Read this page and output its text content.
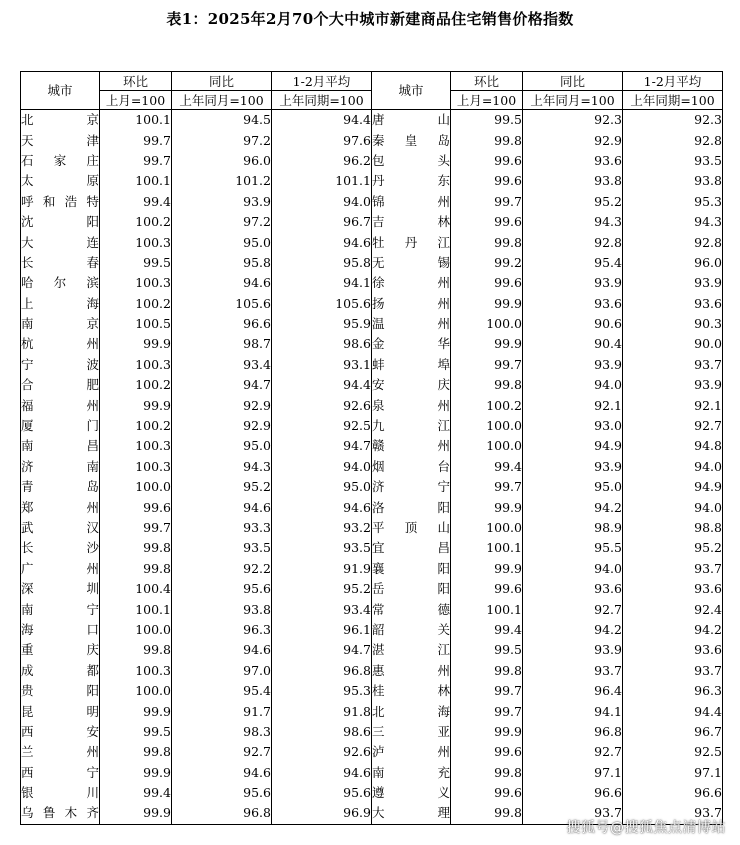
表1：2025年2月70个大中城市新建商品住宅销售价格指数
城市	环比	同比	1-2月平均	城市	环比	同比	1-2月平均
	上月=100	上年同月=100	上年同期=100		上月=100	上年同月=100	上年同期=100
北京	100.1	94.5	94.4	唐山	99.5	92.3	92.3
天津	99.7	97.2	97.6	秦皇岛	99.8	92.9	92.8
石家庄	99.7	96.0	96.2	包头	99.6	93.6	93.5
太原	100.1	101.2	101.1	丹东	99.6	93.8	93.8
呼和浩特	99.4	93.9	94.0	锦州	99.7	95.2	95.3
沈阳	100.2	97.2	96.7	吉林	99.6	94.3	94.3
大连	100.3	95.0	94.6	牡丹江	99.8	92.8	92.8
长春	99.5	95.8	95.8	无锡	99.2	95.4	96.0
哈尔滨	100.3	94.6	94.1	徐州	99.6	93.9	93.9
上海	100.2	105.6	105.6	扬州	99.9	93.6	93.6
南京	100.5	96.6	95.9	温州	100.0	90.6	90.3
杭州	99.9	98.7	98.6	金华	99.9	90.4	90.0
宁波	100.3	93.4	93.1	蚌埠	99.7	93.9	93.7
合肥	100.2	94.7	94.4	安庆	99.8	94.0	93.9
福州	99.9	92.9	92.6	泉州	100.2	92.1	92.1
厦门	100.2	92.9	92.5	九江	100.0	93.0	92.7
南昌	100.3	95.0	94.7	赣州	100.0	94.9	94.8
济南	100.3	94.3	94.0	烟台	99.4	93.9	94.0
青岛	100.0	95.2	95.0	济宁	99.7	95.0	94.9
郑州	99.6	94.6	94.6	洛阳	99.9	94.2	94.0
武汉	99.7	93.3	93.2	平顶山	100.0	98.9	98.8
长沙	99.8	93.5	93.5	宜昌	100.1	95.5	95.2
广州	99.8	92.2	91.9	襄阳	99.9	94.0	93.7
深圳	100.4	95.6	95.2	岳阳	99.6	93.6	93.6
南宁	100.1	93.8	93.4	常德	100.1	92.7	92.4
海口	100.0	96.3	96.1	韶关	99.4	94.2	94.2
重庆	99.8	94.6	94.7	湛江	99.5	93.9	93.6
成都	100.3	97.0	96.8	惠州	99.8	93.7	93.7
贵阳	100.0	95.4	95.3	桂林	99.7	96.4	96.3
昆明	99.9	91.7	91.8	北海	99.7	94.1	94.4
西安	99.5	98.3	98.6	三亚	99.9	96.8	96.7
兰州	99.8	92.7	92.6	泸州	99.6	92.7	92.5
西宁	99.9	94.6	94.6	南充	99.8	97.1	97.1
银川	99.4	95.6	95.6	遵义	99.6	96.6	96.6
乌鲁木齐	99.9	96.8	96.9	大理	99.8	93.7	93.7
搜狐号@搜狐焦点清博站
